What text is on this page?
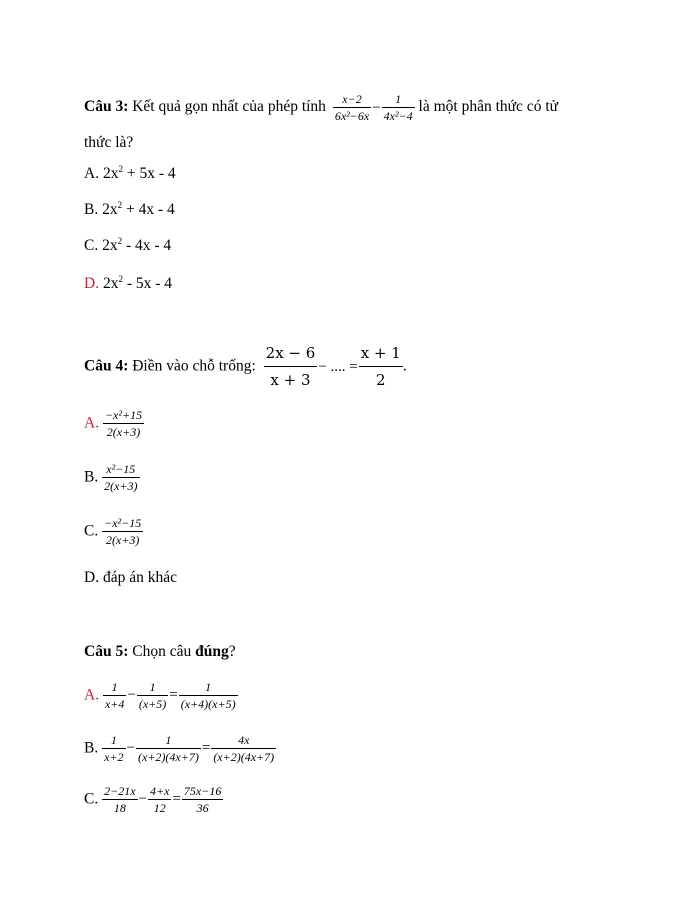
Câu 3: Kết quả gọn nhất của phép tính $\frac{x-2}{\text{6x²−6x}} - \frac{1}{\text{4x²−4}}$ là một phân thức có tử
thức là?
A. $2x^2 + 5x - 4$
B. $2x^2 + 4x - 4$
C. $2x^2 - 4x - 4$
D. $2x^2 - 5x - 4$
Câu 4: Điền vào chỗ trống: $\frac{2x - 6}{x + 3}$ − .... = $\frac{x + 1}{2}$ .
A. $\frac{\text{−x²+15}}{2(x+3)}$
B. $\frac{\text{x²−15}}{2(x+3)}$
C. $\frac{\text{−x²−15}}{2(x+3)}$
D. đáp án khác
Câu 5: Chọn câu đúng?
A. $\frac{1}{x+4} - \frac{1}{(x+5)} = \frac{1}{(x+4)(x+5)}$
B. $\frac{1}{x+2} - \frac{1}{(x+2)(4x+7)} = \frac{4x}{(x+2)(4x+7)}$
C. $\frac{2-21x}{18} - \frac{4+x}{12} = \frac{75x-16}{36}$
